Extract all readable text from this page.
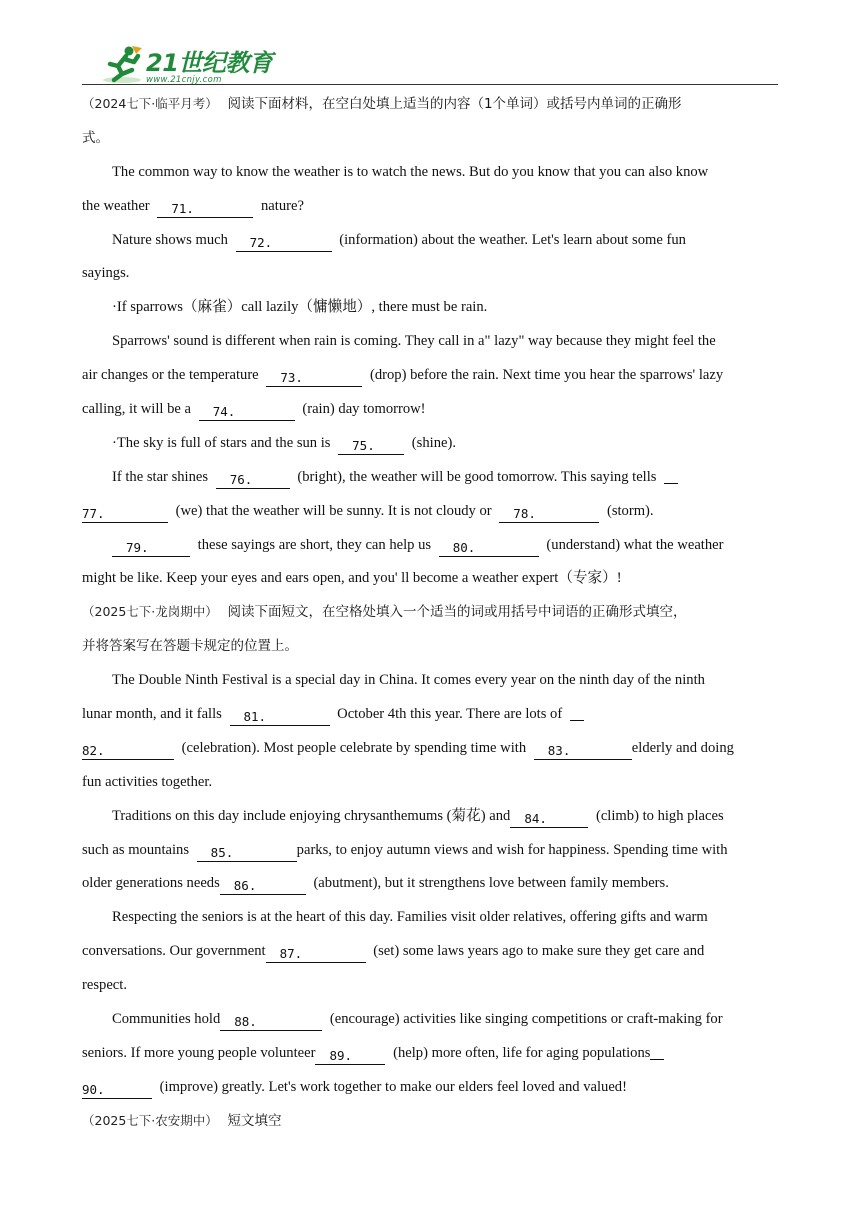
21世纪教育
www.21cnjy.com
（2024七下·临平月考） 阅读下面材料，在空白处填上适当的内容（1个单词）或括号内单词的正确形
式。
The common way to know the weather is to watch the news. But do you know that you can also know
the weather 71.	nature?
Nature shows much 72.	(information) about the weather. Let's learn about some fun
sayings.
·If sparrows（麻雀）call lazily（慵懒地）, there must be rain.
Sparrows' sound is different when rain is coming. They call in a" lazy" way because they might feel the
air changes or the temperature 73.	(drop) before the rain. Next time you hear the sparrows' lazy
calling, it will be a 74.	(rain) day tomorrow!
·The sky is full of stars and the sun is 75.	(shine).
If the star shines 76.	(bright), the weather will be good tomorrow. This saying tells
77.	(we) that the weather will be sunny. It is not cloudy or 78.	(storm).
79.	these sayings are short, they can help us 80.	(understand) what the weather
might be like. Keep your eyes and ears open, and you' ll become a weather expert（专家）!
（2025七下·龙岗期中） 阅读下面短文，在空格处填入一个适当的词或用括号中词语的正确形式填空，
并将答案写在答题卡规定的位置上。
The Double Ninth Festival is a special day in China. It comes every year on the ninth day of the ninth
lunar month, and it falls 81.	October 4th this year. There are lots of
82.	(celebration). Most people celebrate by spending time with 83.	elderly and doing
fun activities together.
Traditions on this day include enjoying chrysanthemums (菊花) and 84.	(climb) to high places
such as mountains 85.	parks, to enjoy autumn views and wish for happiness. Spending time with
older generations needs 86.	(abutment), but it strengthens love between family members.
Respecting the seniors is at the heart of this day. Families visit older relatives, offering gifts and warm
conversations. Our government 87.	(set) some laws years ago to make sure they get care and
respect.
Communities hold 88.	(encourage) activities like singing competitions or craft-making for
seniors. If more young people volunteer 89.	(help) more often, life for aging populations
90.	(improve) greatly. Let's work together to make our elders feel loved and valued!
（2025七下·农安期中） 短文填空
